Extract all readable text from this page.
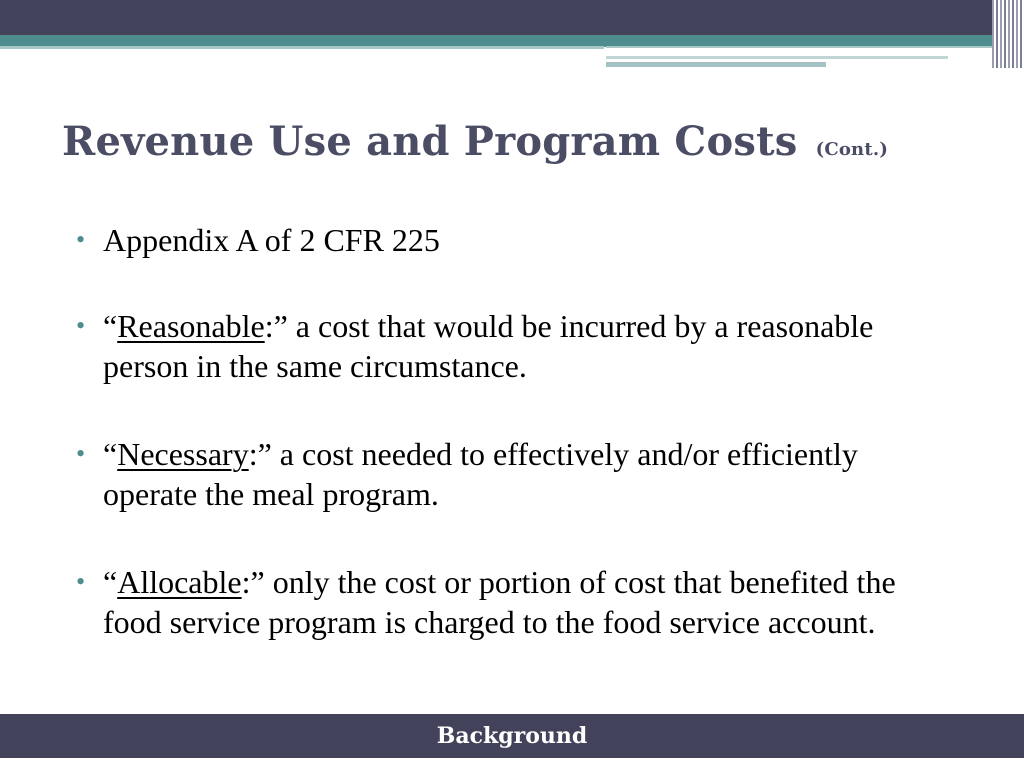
Revenue Use and Program Costs (Cont.)
• Appendix A of 2 CFR 225
• “Reasonable:” a cost that would be incurred by a reasonable person in the same circumstance.
• “Necessary:” a cost needed to effectively and/or efficiently operate the meal program.
• “Allocable:” only the cost or portion of cost that benefited the food service program is charged to the food service account.
Background
